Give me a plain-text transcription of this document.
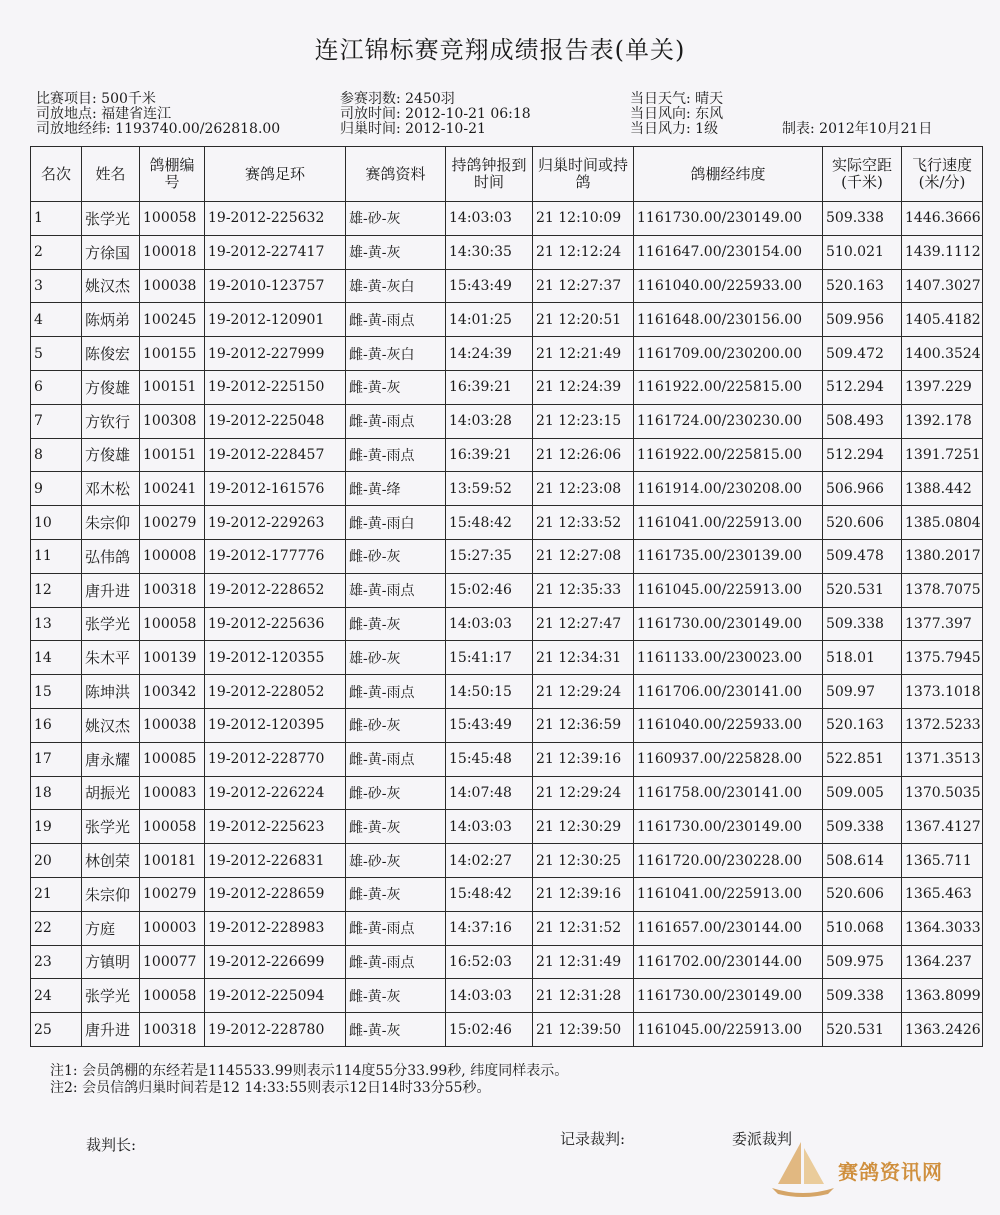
连江锦标赛竞翔成绩报告表(单关)
比赛项目: 500千米
司放地点: 福建省连江
司放地经纬: 1193740.00/262818.00
参赛羽数: 2450羽
司放时间: 2012-10-21 06:18
归巢时间: 2012-10-21
当日天气: 晴天
当日风向: 东风
当日风力: 1级	制表: 2012年10月21日
名次	姓名	鸽棚编号	赛鸽足环	赛鸽资料	持鸽钟报到时间	归巢时间或持鸽	鸽棚经纬度	实际空距(千米)	飞行速度(米/分)
1	张学光	100058	19-2012-225632	雄-砂-灰	14:03:03	21 12:10:09	1161730.00/230149.00	509.338	1446.3666
2	方徐国	100018	19-2012-227417	雄-黄-灰	14:30:35	21 12:12:24	1161647.00/230154.00	510.021	1439.1112
3	姚汉杰	100038	19-2010-123757	雄-黄-灰白	15:43:49	21 12:27:37	1161040.00/225933.00	520.163	1407.3027
4	陈炳弟	100245	19-2012-120901	雌-黄-雨点	14:01:25	21 12:20:51	1161648.00/230156.00	509.956	1405.4182
5	陈俊宏	100155	19-2012-227999	雌-黄-灰白	14:24:39	21 12:21:49	1161709.00/230200.00	509.472	1400.3524
6	方俊雄	100151	19-2012-225150	雌-黄-灰	16:39:21	21 12:24:39	1161922.00/225815.00	512.294	1397.229
7	方钦行	100308	19-2012-225048	雌-黄-雨点	14:03:28	21 12:23:15	1161724.00/230230.00	508.493	1392.178
8	方俊雄	100151	19-2012-228457	雌-黄-雨点	16:39:21	21 12:26:06	1161922.00/225815.00	512.294	1391.7251
9	邓木松	100241	19-2012-161576	雌-黄-绛	13:59:52	21 12:23:08	1161914.00/230208.00	506.966	1388.442
10	朱宗仰	100279	19-2012-229263	雌-黄-雨白	15:48:42	21 12:33:52	1161041.00/225913.00	520.606	1385.0804
11	弘伟鸽	100008	19-2012-177776	雌-砂-灰	15:27:35	21 12:27:08	1161735.00/230139.00	509.478	1380.2017
12	唐升进	100318	19-2012-228652	雄-黄-雨点	15:02:46	21 12:35:33	1161045.00/225913.00	520.531	1378.7075
13	张学光	100058	19-2012-225636	雌-黄-灰	14:03:03	21 12:27:47	1161730.00/230149.00	509.338	1377.397
14	朱木平	100139	19-2012-120355	雄-砂-灰	15:41:17	21 12:34:31	1161133.00/230023.00	518.01	1375.7945
15	陈坤洪	100342	19-2012-228052	雌-黄-雨点	14:50:15	21 12:29:24	1161706.00/230141.00	509.97	1373.1018
16	姚汉杰	100038	19-2012-120395	雌-砂-灰	15:43:49	21 12:36:59	1161040.00/225933.00	520.163	1372.5233
17	唐永耀	100085	19-2012-228770	雌-黄-雨点	15:45:48	21 12:39:16	1160937.00/225828.00	522.851	1371.3513
18	胡振光	100083	19-2012-226224	雌-砂-灰	14:07:48	21 12:29:24	1161758.00/230141.00	509.005	1370.5035
19	张学光	100058	19-2012-225623	雌-黄-灰	14:03:03	21 12:30:29	1161730.00/230149.00	509.338	1367.4127
20	林创荣	100181	19-2012-226831	雄-砂-灰	14:02:27	21 12:30:25	1161720.00/230228.00	508.614	1365.711
21	朱宗仰	100279	19-2012-228659	雌-黄-灰	15:48:42	21 12:39:16	1161041.00/225913.00	520.606	1365.463
22	方庭	100003	19-2012-228983	雌-黄-雨点	14:37:16	21 12:31:52	1161657.00/230144.00	510.068	1364.3033
23	方镇明	100077	19-2012-226699	雌-黄-雨点	16:52:03	21 12:31:49	1161702.00/230144.00	509.975	1364.237
24	张学光	100058	19-2012-225094	雌-黄-灰	14:03:03	21 12:31:28	1161730.00/230149.00	509.338	1363.8099
25	唐升进	100318	19-2012-228780	雌-黄-灰	15:02:46	21 12:39:50	1161045.00/225913.00	520.531	1363.2426
注1: 会员鸽棚的东经若是1145533.99则表示114度55分33.99秒, 纬度同样表示。
注2: 会员信鸽归巢时间若是12 14:33:55则表示12日14时33分55秒。
裁判长:	记录裁判:	委派裁判
赛鸽资讯网
